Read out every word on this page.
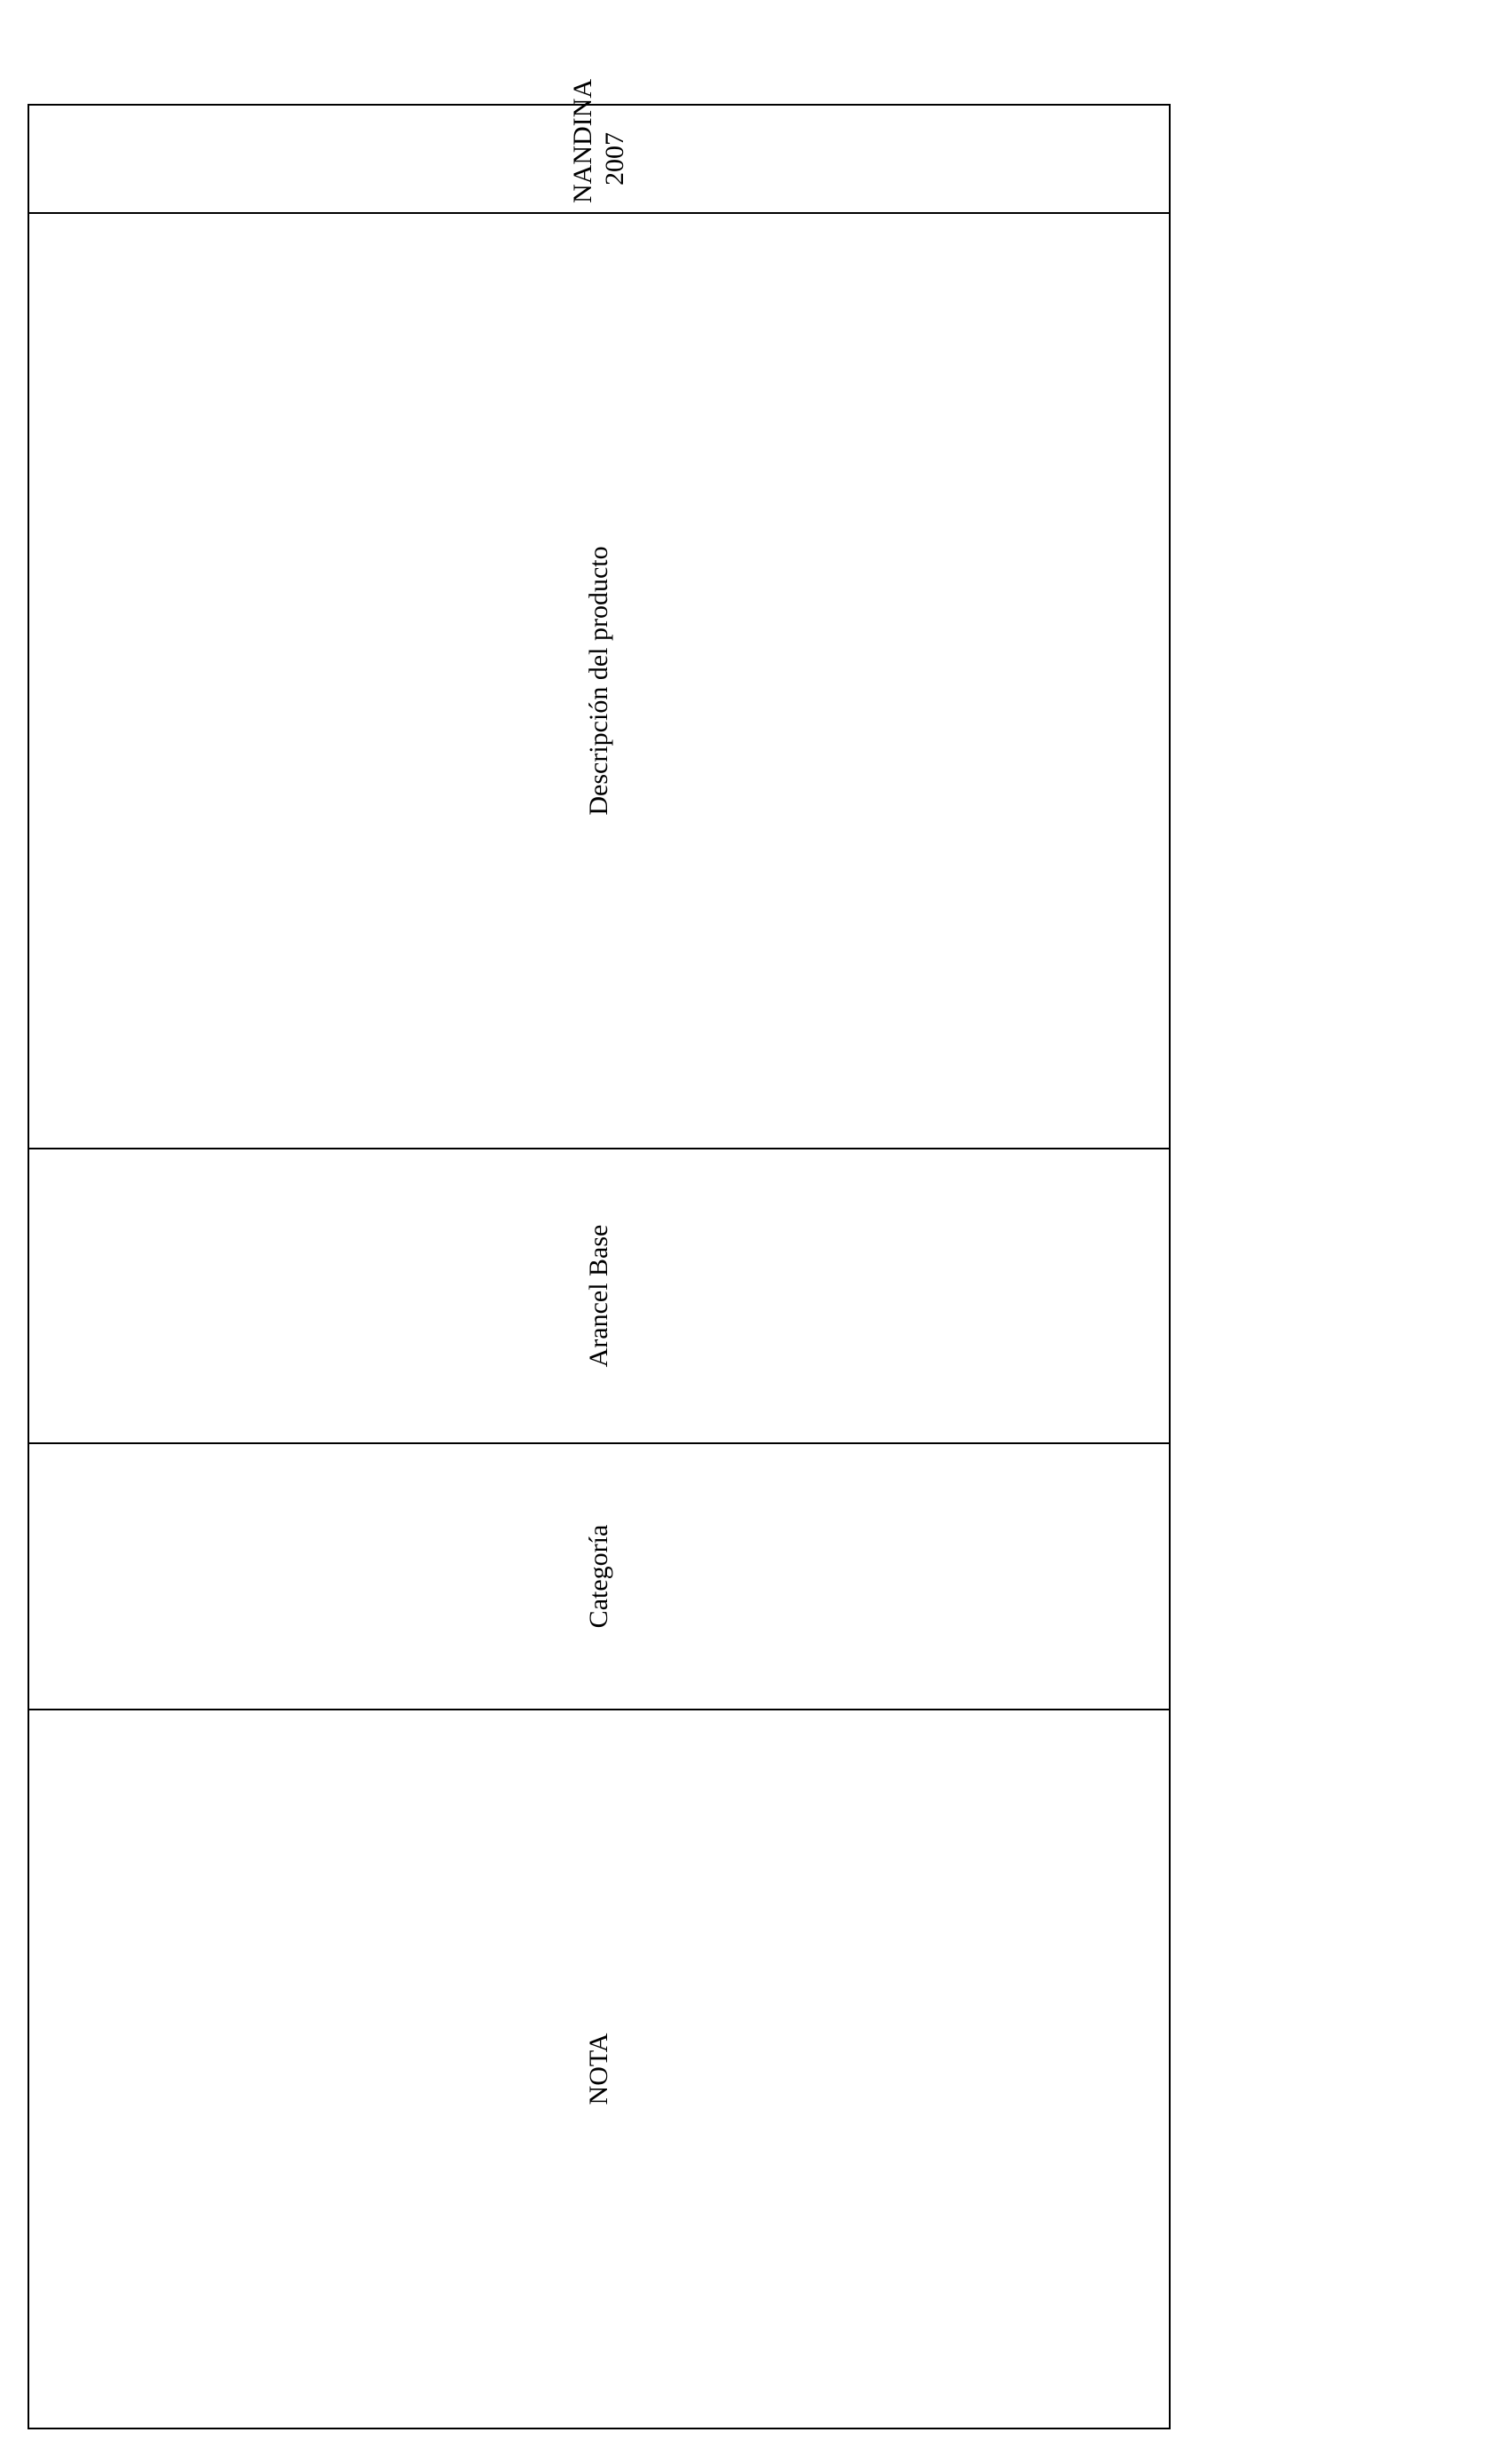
NOTA	Categoría	Arancel Base	Descripción del producto	NANDINA
2007
